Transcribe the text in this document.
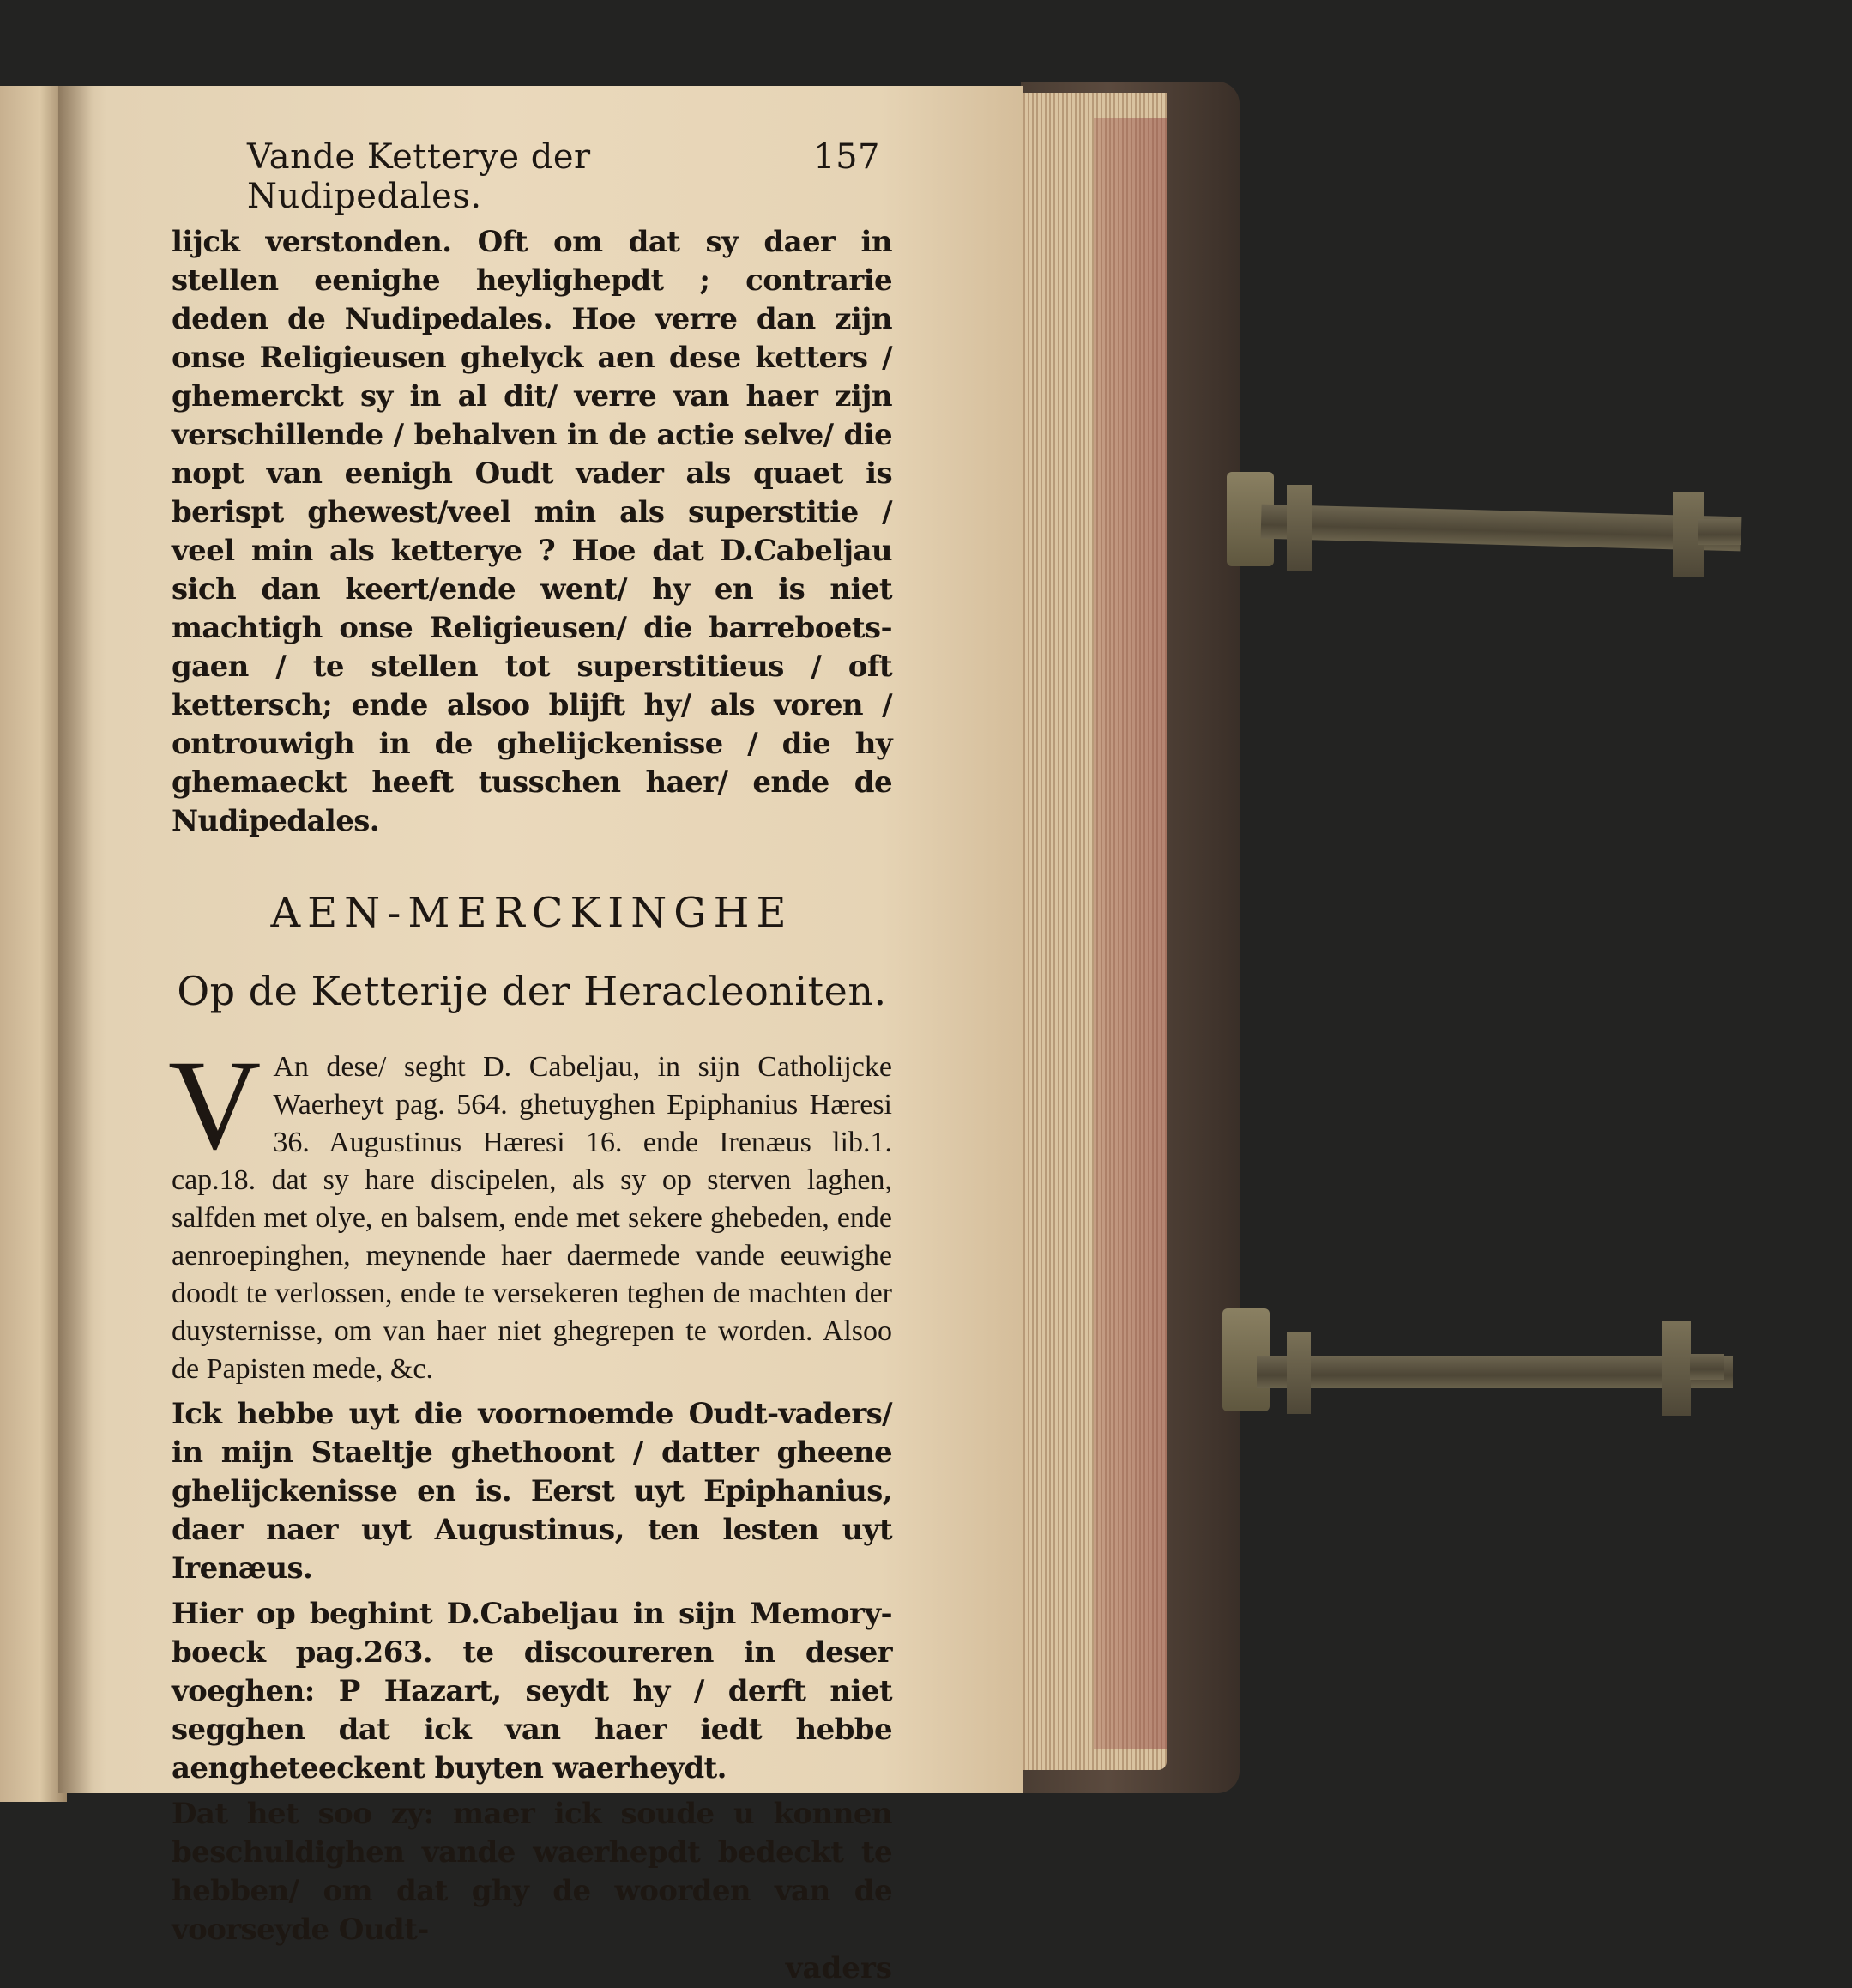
Vande Ketterye der Nudipedales.
157

lijck verstonden. Oft om dat sy daer in stellen eenighe heylighepdt ; contrarie deden de Nudipedales. Hoe verre dan zijn onse Religieusen ghelyck aen dese ketters / ghemerckt sy in al dit/ verre van haer zijn verschillende / behalven in de actie selve/ die nopt van eenigh Oudt vader als quaet is berispt ghewest/veel min als superstitie / veel min als ketterye ? Hoe dat D.Cabeljau sich dan keert/ende went/ hy en is niet machtigh onse Religieusen/ die barreboets-gaen / te stellen tot superstitieus / oft kettersch; ende alsoo blijft hy/ als voren / ontrouwigh in de ghelijckenisse / die hy ghemaeckt heeft tusschen haer/ ende de Nudipedales.

AEN-MERCKINGHE
Op de Ketterije der Heracleoniten.
V An dese/ seght D. Cabeljau, in sijn Catholijcke Waerheyt pag. 564. ghetuyghen Epiphanius Hæresi 36. Augustinus Hæresi 16. ende Irenæus lib.1. cap.18. dat sy hare discipelen, als sy op sterven laghen, salfden met olye, en balsem, ende met sekere ghebeden, ende aenroepinghen, meynende haer daermede vande eeuwighe doodt te verlossen, ende te versekeren teghen de machten der duysternisse, om van haer niet ghegrepen te worden. Alsoo de Papisten mede, &c.

Ick hebbe uyt die voornoemde Oudt-vaders/ in mijn Staeltje ghethoont / datter gheene ghelijckenisse en is. Eerst uyt Epiphanius, daer naer uyt Augustinus, ten lesten uyt Irenæus.

Hier op beghint D.Cabeljau in sijn Memory-boeck pag.263. te discoureren in deser voeghen: P Hazart, seydt hy / derft niet segghen dat ick van haer iedt hebbe aengheteeckent buyten waerheydt.

Dat het soo zy: maer ick soude u konnen beschuldighen vande waerhepdt bedeckt te hebben/ om dat ghy de woorden van de voorseyde Oudt-

vaders
